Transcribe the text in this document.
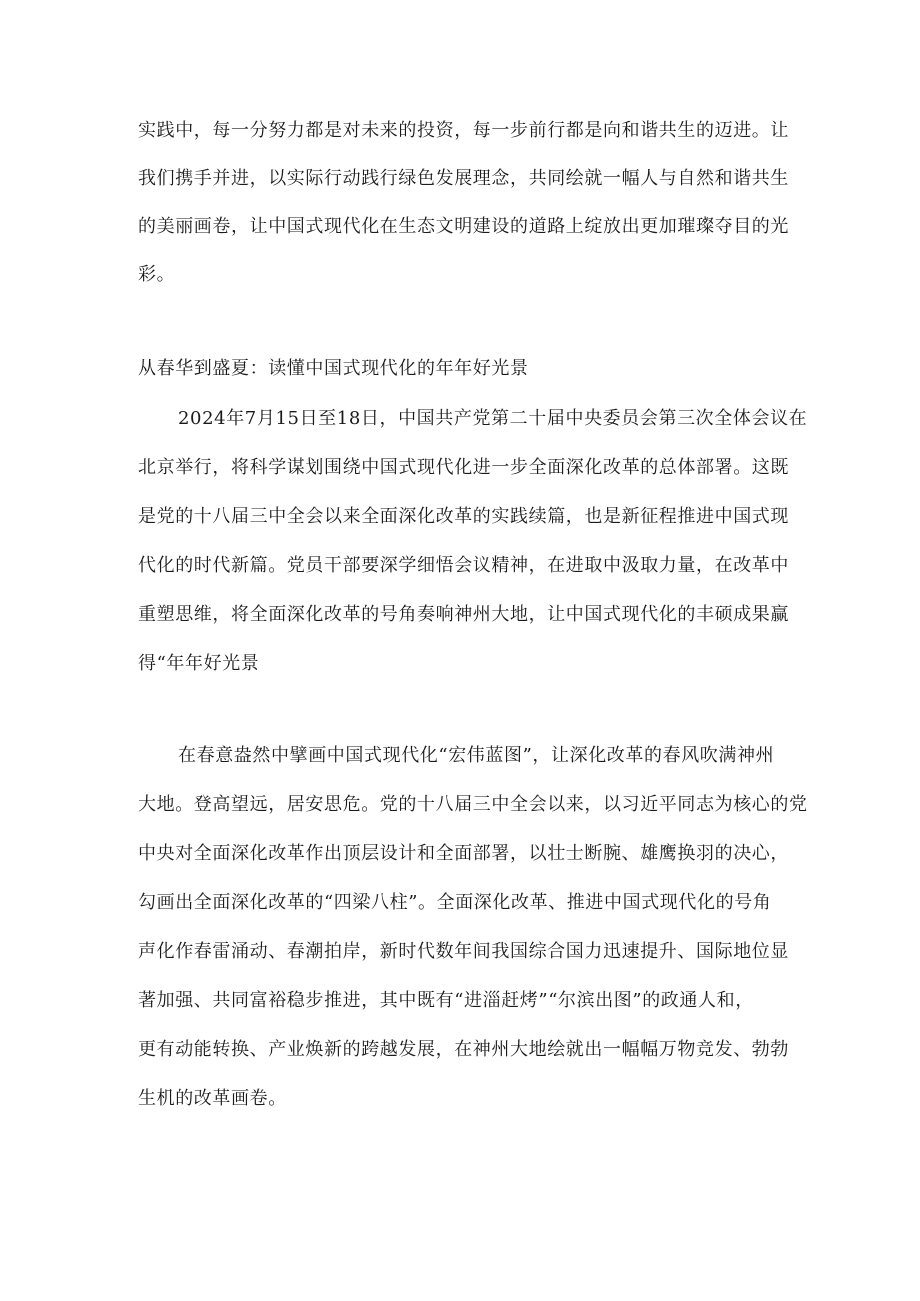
实践中，每一分努力都是对未来的投资，每一步前行都是向和谐共生的迈进。让
我们携手并进，以实际行动践行绿色发展理念，共同绘就一幅人与自然和谐共生
的美丽画卷，让中国式现代化在生态文明建设的道路上绽放出更加璀璨夺目的光
彩。
从春华到盛夏：读懂中国式现代化的年年好光景
2024年7月15日至18日，中国共产党第二十届中央委员会第三次全体会议在
北京举行，将科学谋划围绕中国式现代化进一步全面深化改革的总体部署。这既
是党的十八届三中全会以来全面深化改革的实践续篇，也是新征程推进中国式现
代化的时代新篇。党员干部要深学细悟会议精神，在进取中汲取力量，在改革中
重塑思维，将全面深化改革的号角奏响神州大地，让中国式现代化的丰硕成果赢
得“年年好光景
在春意盎然中擘画中国式现代化“宏伟蓝图”，让深化改革的春风吹满神州
大地。登高望远，居安思危。党的十八届三中全会以来，以习近平同志为核心的党
中央对全面深化改革作出顶层设计和全面部署，以壮士断腕、雄鹰换羽的决心，
勾画出全面深化改革的“四梁八柱”。全面深化改革、推进中国式现代化的号角
声化作春雷涌动、春潮拍岸，新时代数年间我国综合国力迅速提升、国际地位显
著加强、共同富裕稳步推进，其中既有“进淄赶烤”“尔滨出图”的政通人和，
更有动能转换、产业焕新的跨越发展，在神州大地绘就出一幅幅万物竞发、勃勃
生机的改革画卷。
